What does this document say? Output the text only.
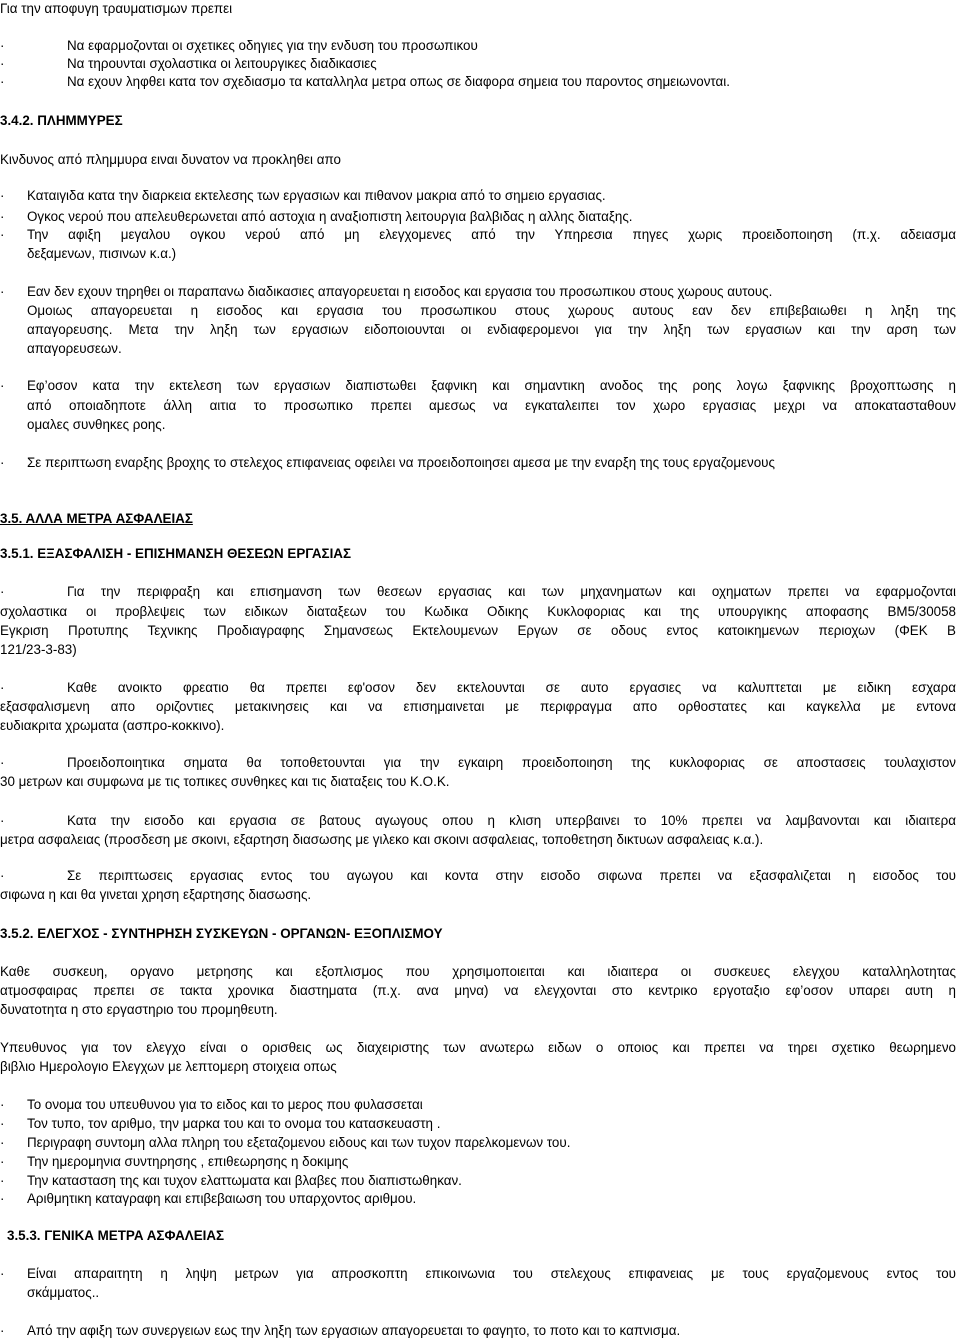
Για την αποφυγη τραυματισμων πρεπει
·	Να εφαρμοζονται οι σχετικες οδηγιες για την ενδυση του προσωπικου
·	Να τηρουνται σχολαστικα οι λειτουργικες διαδικασιες
·	Να εχουν ληφθει κατα τον σχεδιασμο τα καταλληλα μετρα οπως σε διαφορα σημεια του παροντος σημειωνονται.
3.4.2. ΠΛΗΜΜΥΡΕΣ
Κινδυνος από πλημμυρα ειναι δυνατον να προκληθει απο
· Καταιγιδα κατα την διαρκεια εκτελεσης των εργασιων και πιθανον μακρια από το σημειο εργασιας.
· Ογκος νερού που απελευθερωνεται από αστοχια η αναξιοπιστη λειτουργια βαλβιδας η αλλης διαταξης.
· Την αφιξη μεγαλου ογκου νερού από μη ελεγχομενες από την Υπηρεσια πηγες χωρις προειδοποιηση (π.χ. αδειασμα
δεξαμενων, πισινων κ.α.)
· Εαν δεν εχουν τηρηθει οι παραπανω διαδικασιες απαγορευεται η εισοδος και εργασια του προσωπικου στους χωρους αυτους.
Ομοιως απαγορευεται η εισοδος και εργασια του προσωπικου στους χωρους αυτους εαν δεν επιβεβαιωθει η ληξη της
απαγορευσης. Μετα την ληξη των εργασιων ειδοποιουνται οι ενδιαφερομενοι για την ληξη των εργασιων και την αρση των
απαγορευσεων.
· Εφ’οσον κατα την εκτελεση των εργασιων διαπιστωθει ξαφνικη και σημαντικη ανοδος της ροης λογω ξαφνικης βροχοπτωσης η
από οποιαδηποτε άλλη αιτια το προσωπικο πρεπει αμεσως να εγκαταλειπει τον χωρο εργασιας μεχρι να αποκατασταθουν
ομαλες συνθηκες ροης.
· Σε περιπτωση εναρξης βροχης το στελεχος επιφανειας οφειλει να προειδοποιησει αμεσα με την εναρξη της τους εργαζομενους
3.5. ΑΛΛΑ ΜΕΤΡΑ ΑΣΦΑΛΕΙΑΣ
3.5.1. ΕΞΑΣΦΑΛΙΣΗ - ΕΠΙΣΗΜΑΝΣΗ ΘΕΣΕΩΝ ΕΡΓΑΣΙΑΣ
·	Για την περιφραξη και επισημανση των θεσεων εργασιας και των μηχανηματων και οχηματων πρεπει να εφαρμοζονται
σχολαστικα οι προβλεψεις των ειδικων διαταξεων του Κωδικα Οδικης Κυκλοφοριας και της υπουργικης αποφασης ΒΜ5/30058
Εγκριση Προτυπης Τεχνικης Προδιαγραφης Σημανσεως Εκτελουμενων Εργων σε οδους εντος κατοικημενων περιοχων (ΦΕΚ Β
121/23-3-83)
·	Καθε ανοικτο φρεατιο θα πρεπει εφ'οσον δεν εκτελουνται σε αυτο εργασιες να καλυπτεται με ειδικη εσχαρα
εξασφαλισμενη απο οριζοντιες μετακινησεις και να επισημαινεται με περιφραγμα απο ορθοστατες και καγκελλα με εντονα
ευδιακριτα χρωματα (ασπρο-κοκκινο).
·	Προειδοποιητικα σηματα θα τοποθετουνται για την εγκαιρη προειδοποιηση της κυκλοφοριας σε αποστασεις τουλαχιστον
30 μετρων και συμφωνα με τις τοπικες συνθηκες και τις διαταξεις του Κ.Ο.Κ.
·	Κατα την εισοδο και εργασια σε βατους αγωγους οπου η κλιση υπερβαινει το 10% πρεπει να λαμβανονται και ιδιαιτερα
μετρα ασφαλειας (προσδεση με σκοινι, εξαρτηση διασωσης με γιλεκο και σκοινι ασφαλειας, τοποθετηση δικτυων ασφαλειας κ.α.).
·	Σε περιπτωσεις εργασιας εντος του αγωγου και κοντα στην εισοδο σιφωνα πρεπει να εξασφαλιζεται η εισοδος του
σιφωνα η και θα γινεται χρηση εξαρτησης διασωσης.
3.5.2. ΕΛΕΓΧΟΣ - ΣΥΝΤΗΡΗΣΗ ΣΥΣΚΕΥΩΝ - ΟΡΓΑΝΩΝ- ΕΞΟΠΛΙΣΜΟΥ
Καθε συσκευη, οργανο μετρησης και εξοπλισμος που χρησιμοποιειται και ιδιαιτερα οι συσκευες ελεγχου καταλληλοτητας
ατμοσφαιρας πρεπει σε τακτα χρονικα διαστηματα (π.χ. ανα μηνα) να ελεγχονται στο κεντρικο εργοταξιο εφ’οσον υπαρει αυτη η
δυνατοτητα η στο εργαστηριο του προμηθευτη.
Υπευθυνος για τον ελεγχο είναι ο ορισθεις ως διαχειριστης των ανωτερω ειδων ο οποιος και πρεπει να τηρει σχετικο θεωρημενο
βιβλιο Ημερολογιο Ελεγχων με λεπτομερη στοιχεια οπως
· Το ονομα του υπευθυνου για το ειδος και το μερος που φυλασσεται
· Τον τυπο, τον αριθμο, την μαρκα του και το ονομα του κατασκευαστη .
· Περιγραφη συντομη αλλα πληρη του εξεταζομενου ειδους και των τυχον παρελκομενων του.
· Την ημερομηνια συντηρησης , επιθεωρησης η δοκιμης
· Την κατασταση της και τυχον ελαττωματα και βλαβες που διαπιστωθηκαν.
· Αριθμητικη καταγραφη και επιβεβαιωση του υπαρχοντος αριθμου.
3.5.3. ΓΕΝΙΚΑ ΜΕΤΡΑ ΑΣΦΑΛΕΙΑΣ
· Είναι απαραιτητη η ληψη μετρων για απροσκοπτη επικοινωνια του στελεχους επιφανειας με τους εργαζομενους εντος του
σκάμματος..
· Από την αφιξη των συνεργειων εως την ληξη των εργασιων απαγορευεται το φαγητο, το ποτο και το καπνισμα.
